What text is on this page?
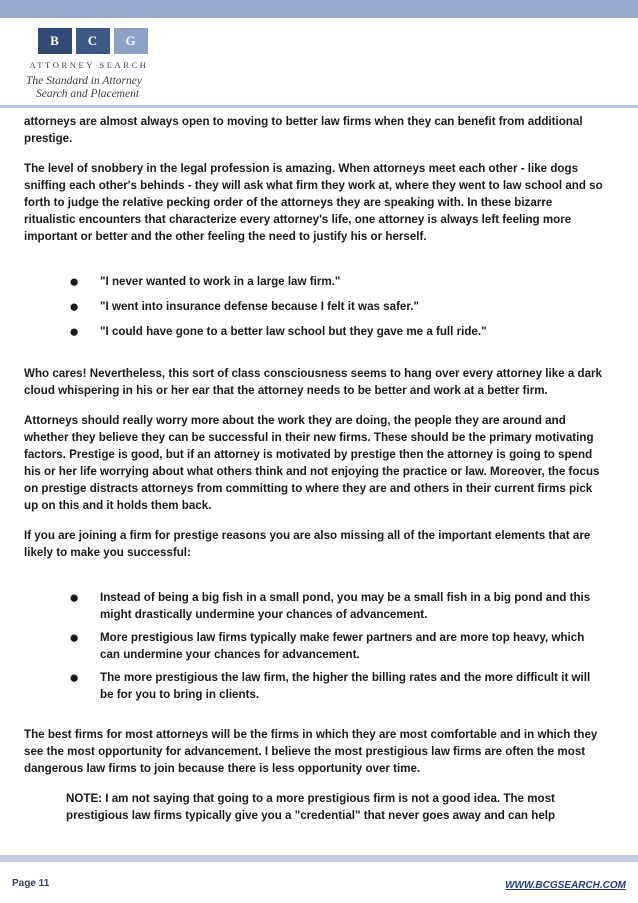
B	C	G
ATTORNEY SEARCH
The Standard in Attorney
Search and Placement

attorneys are almost always open to moving to better law firms when they can benefit from additional prestige.

The level of snobbery in the legal profession is amazing. When attorneys meet each other - like dogs sniffing each other's behinds - they will ask what firm they work at, where they went to law school and so forth to judge the relative pecking order of the attorneys they are speaking with. In these bizarre ritualistic encounters that characterize every attorney's life, one attorney is always left feeling more important or better and the other feeling the need to justify his or herself.

● "I never wanted to work in a large law firm."
● "I went into insurance defense because I felt it was safer."
● "I could have gone to a better law school but they gave me a full ride."

Who cares! Nevertheless, this sort of class consciousness seems to hang over every attorney like a dark cloud whispering in his or her ear that the attorney needs to be better and work at a better firm.

Attorneys should really worry more about the work they are doing, the people they are around and whether they believe they can be successful in their new firms. These should be the primary motivating factors. Prestige is good, but if an attorney is motivated by prestige then the attorney is going to spend his or her life worrying about what others think and not enjoying the practice or law. Moreover, the focus on prestige distracts attorneys from committing to where they are and others in their current firms pick up on this and it holds them back.

If you are joining a firm for prestige reasons you are also missing all of the important elements that are likely to make you successful:

● Instead of being a big fish in a small pond, you may be a small fish in a big pond and this might drastically undermine your chances of advancement.
● More prestigious law firms typically make fewer partners and are more top heavy, which can undermine your chances for advancement.
● The more prestigious the law firm, the higher the billing rates and the more difficult it will be for you to bring in clients.

The best firms for most attorneys will be the firms in which they are most comfortable and in which they see the most opportunity for advancement. I believe the most prestigious law firms are often the most dangerous law firms to join because there is less opportunity over time.

NOTE: I am not saying that going to a more prestigious firm is not a good idea. The most prestigious law firms typically give you a "credential" that never goes away and can help

Page 11	WWW.BCGSEARCH.COM
